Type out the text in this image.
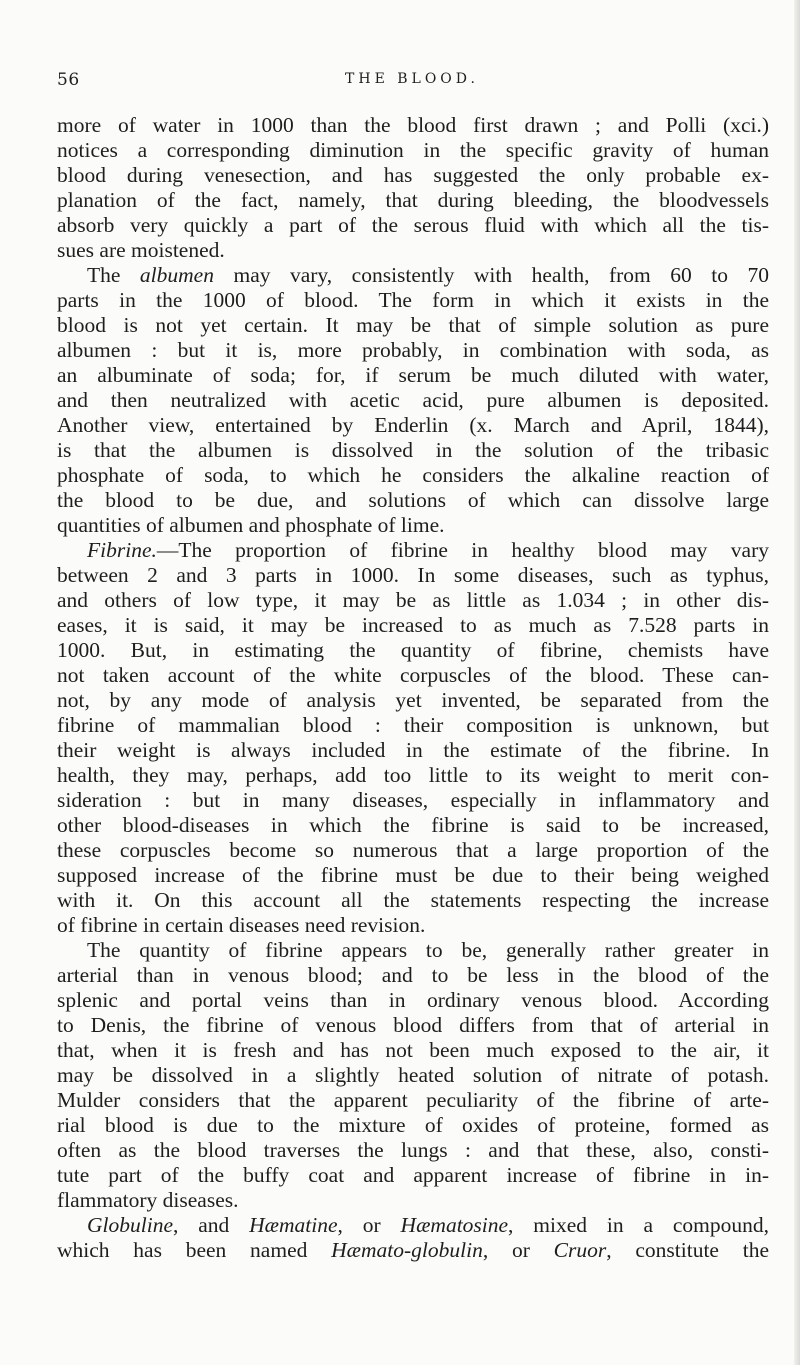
56	THE BLOOD.
more of water in 1000 than the blood first drawn ; and Polli (xci.)
notices a corresponding diminution in the specific gravity of human
blood during venesection, and has suggested the only probable ex-
planation of the fact, namely, that during bleeding, the bloodvessels
absorb very quickly a part of the serous fluid with which all the tis-
sues are moistened.
The albumen may vary, consistently with health, from 60 to 70
parts in the 1000 of blood. The form in which it exists in the
blood is not yet certain. It may be that of simple solution as pure
albumen : but it is, more probably, in combination with soda, as
an albuminate of soda; for, if serum be much diluted with water,
and then neutralized with acetic acid, pure albumen is deposited.
Another view, entertained by Enderlin (x. March and April, 1844),
is that the albumen is dissolved in the solution of the tribasic
phosphate of soda, to which he considers the alkaline reaction of
the blood to be due, and solutions of which can dissolve large
quantities of albumen and phosphate of lime.
Fibrine.—The proportion of fibrine in healthy blood may vary
between 2 and 3 parts in 1000. In some diseases, such as typhus,
and others of low type, it may be as little as 1.034 ; in other dis-
eases, it is said, it may be increased to as much as 7.528 parts in
1000. But, in estimating the quantity of fibrine, chemists have
not taken account of the white corpuscles of the blood. These can-
not, by any mode of analysis yet invented, be separated from the
fibrine of mammalian blood : their composition is unknown, but
their weight is always included in the estimate of the fibrine. In
health, they may, perhaps, add too little to its weight to merit con-
sideration : but in many diseases, especially in inflammatory and
other blood-diseases in which the fibrine is said to be increased,
these corpuscles become so numerous that a large proportion of the
supposed increase of the fibrine must be due to their being weighed
with it. On this account all the statements respecting the increase
of fibrine in certain diseases need revision.
The quantity of fibrine appears to be, generally rather greater in
arterial than in venous blood; and to be less in the blood of the
splenic and portal veins than in ordinary venous blood. According
to Denis, the fibrine of venous blood differs from that of arterial in
that, when it is fresh and has not been much exposed to the air, it
may be dissolved in a slightly heated solution of nitrate of potash.
Mulder considers that the apparent peculiarity of the fibrine of arte-
rial blood is due to the mixture of oxides of proteine, formed as
often as the blood traverses the lungs : and that these, also, consti-
tute part of the buffy coat and apparent increase of fibrine in in-
flammatory diseases.
Globuline, and Hæmatine, or Hæmatosine, mixed in a compound,
which has been named Hæmato-globulin, or Cruor, constitute the
